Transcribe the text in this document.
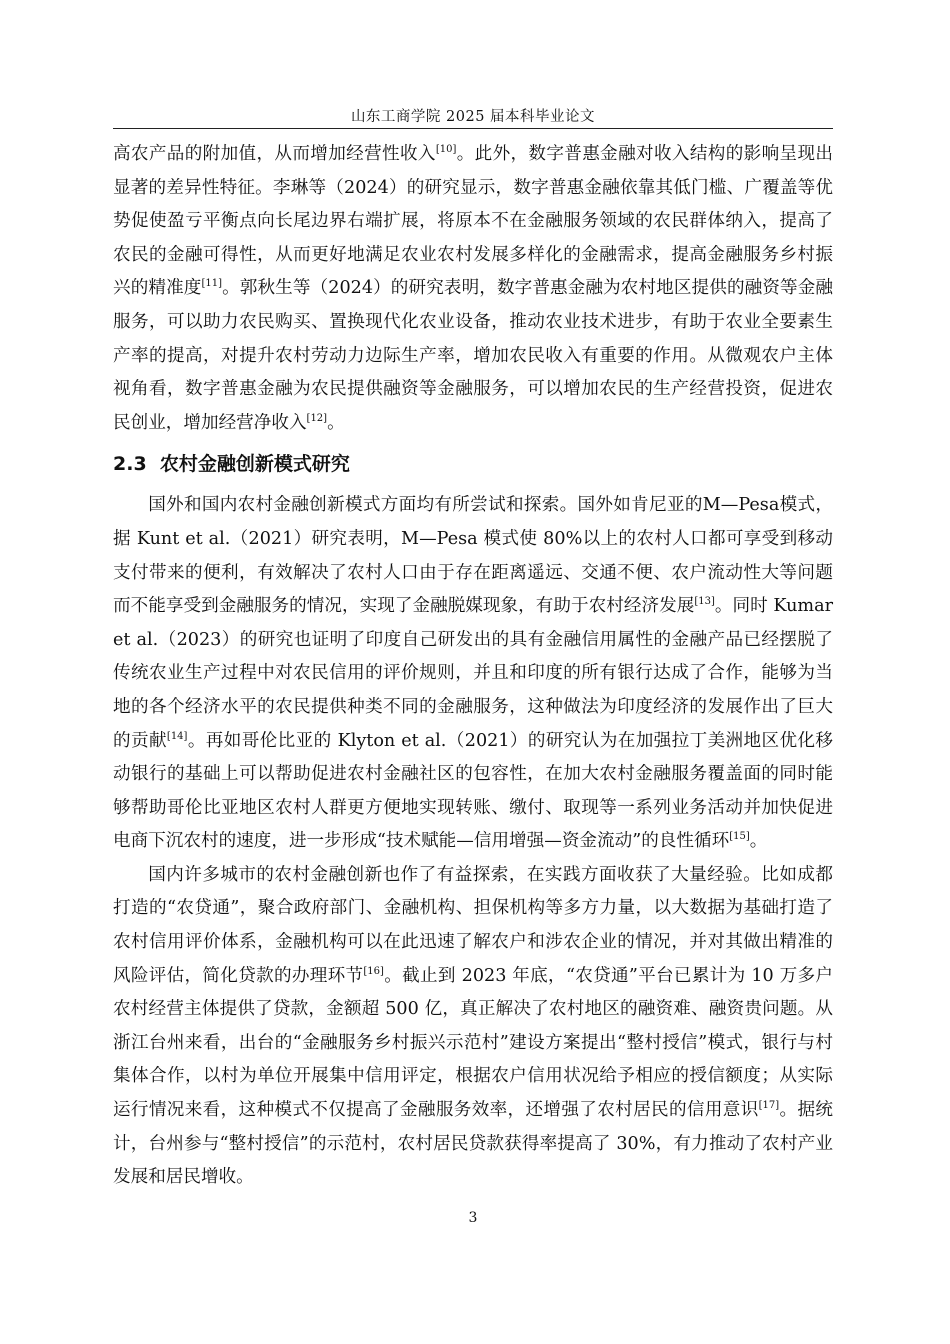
山东工商学院 2025 届本科毕业论文

高农产品的附加值，从而增加经营性收入[10]。此外，数字普惠金融对收入结构的影响呈现出显著的差异性特征。李琳等（2024）的研究显示，数字普惠金融依靠其低门槛、广覆盖等优势促使盈亏平衡点向长尾边界右端扩展，将原本不在金融服务领域的农民群体纳入，提高了农民的金融可得性，从而更好地满足农业农村发展多样化的金融需求，提高金融服务乡村振兴的精准度[11]。郭秋生等（2024）的研究表明，数字普惠金融为农村地区提供的融资等金融服务，可以助力农民购买、置换现代化农业设备，推动农业技术进步，有助于农业全要素生产率的提高，对提升农村劳动力边际生产率，增加农民收入有重要的作用。从微观农户主体视角看，数字普惠金融为农民提供融资等金融服务，可以增加农民的生产经营投资，促进农民创业，增加经营净收入[12]。

2.3 农村金融创新模式研究

国外和国内农村金融创新模式方面均有所尝试和探索。国外如肯尼亚的M—Pesa模式，据 Kunt et al.（2021）研究表明，M—Pesa 模式使 80%以上的农村人口都可享受到移动支付带来的便利，有效解决了农村人口由于存在距离遥远、交通不便、农户流动性大等问题而不能享受到金融服务的情况，实现了金融脱媒现象，有助于农村经济发展[13]。同时 Kumar et al.（2023）的研究也证明了印度自己研发出的具有金融信用属性的金融产品已经摆脱了传统农业生产过程中对农民信用的评价规则，并且和印度的所有银行达成了合作，能够为当地的各个经济水平的农民提供种类不同的金融服务，这种做法为印度经济的发展作出了巨大的贡献[14]。再如哥伦比亚的 Klyton et al.（2021）的研究认为在加强拉丁美洲地区优化移动银行的基础上可以帮助促进农村金融社区的包容性，在加大农村金融服务覆盖面的同时能够帮助哥伦比亚地区农村人群更方便地实现转账、缴付、取现等一系列业务活动并加快促进电商下沉农村的速度，进一步形成“技术赋能—信用增强—资金流动”的良性循环[15]。

国内许多城市的农村金融创新也作了有益探索，在实践方面收获了大量经验。比如成都打造的“农贷通”，聚合政府部门、金融机构、担保机构等多方力量，以大数据为基础打造了农村信用评价体系，金融机构可以在此迅速了解农户和涉农企业的情况，并对其做出精准的风险评估，简化贷款的办理环节[16]。截止到 2023 年底，“农贷通”平台已累计为 10 万多户农村经营主体提供了贷款，金额超 500 亿，真正解决了农村地区的融资难、融资贵问题。从浙江台州来看，出台的“金融服务乡村振兴示范村”建设方案提出“整村授信”模式，银行与村集体合作，以村为单位开展集中信用评定，根据农户信用状况给予相应的授信额度；从实际运行情况来看，这种模式不仅提高了金融服务效率，还增强了农村居民的信用意识[17]。据统计，台州参与“整村授信”的示范村，农村居民贷款获得率提高了 30%，有力推动了农村产业发展和居民增收。

3
